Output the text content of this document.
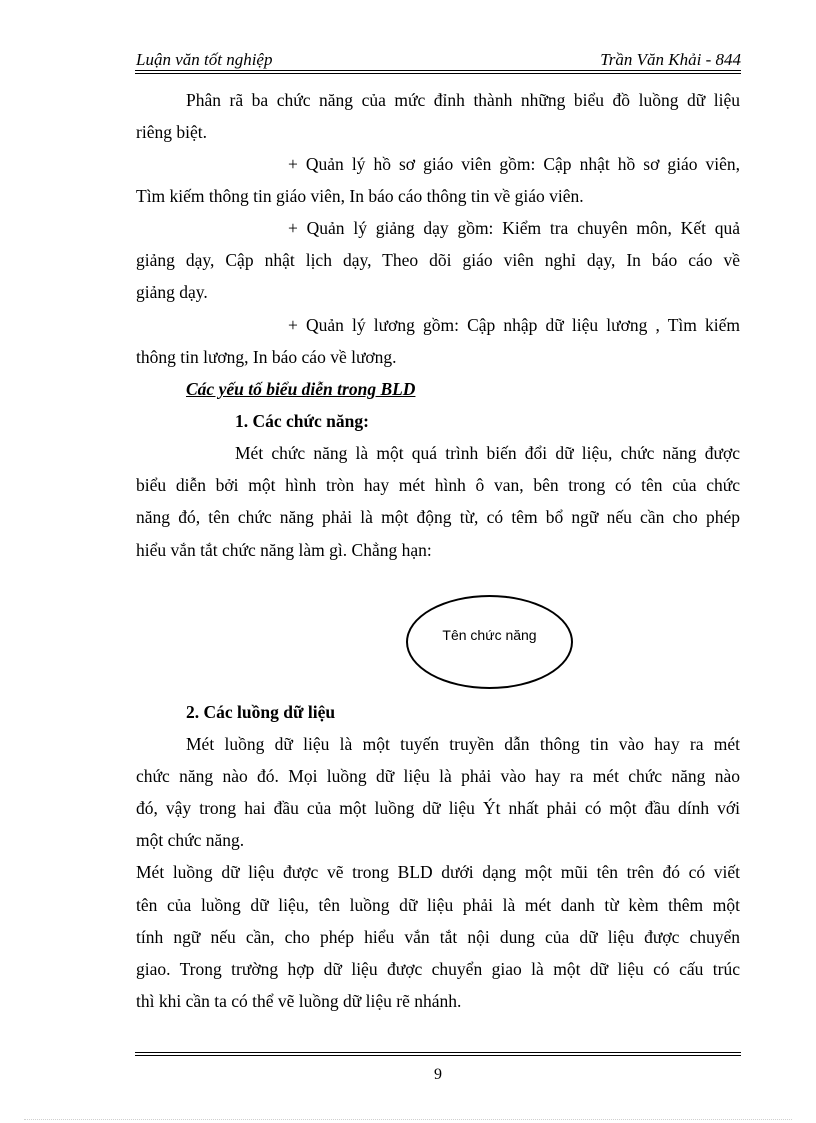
Luận văn tốt nghiệp	Trần Văn Khải - 844
Phân rã ba chức năng của mức đỉnh thành những biểu đồ luồng dữ liệu
riêng biệt.
+ Quản lý hồ sơ giáo viên gồm: Cập nhật hồ sơ giáo viên,
Tìm kiếm thông tin giáo viên, In báo cáo thông tin về giáo viên.
+ Quản lý giảng dạy gồm: Kiểm tra chuyên môn, Kết quả
giảng dạy, Cập nhật lịch dạy, Theo dõi giáo viên nghỉ dạy, In báo cáo về
giảng dạy.
+ Quản lý lương gồm: Cập nhập dữ liệu lương , Tìm kiếm
thông tin lương, In báo cáo về lương.
Các yếu tố biểu diễn trong BLD
1. Các chức năng:
Mét chức năng là một quá trình biến đổi dữ liệu, chức năng được
biểu diễn bởi một hình tròn hay mét hình ô van, bên trong có tên của chức
năng đó, tên chức năng phải là một động từ, có têm bổ ngữ nếu cần cho phép
hiểu vắn tắt chức năng làm gì. Chẳng hạn:
Tên chức năng
2. Các luồng dữ liệu
Mét luồng dữ liệu là một tuyến truyền dẫn thông tin vào hay ra mét
chức năng nào đó. Mọi luồng dữ liệu là phải vào hay ra mét chức năng nào
đó, vậy trong hai đầu của một luồng dữ liệu Ýt nhất phải có một đầu dính với
một chức năng.
Mét luồng dữ liệu được vẽ trong BLD dưới dạng một mũi tên trên đó có viết
tên của luồng dữ liệu, tên luồng dữ liệu phải là mét danh từ kèm thêm một
tính ngữ nếu cần, cho phép hiểu vắn tắt nội dung của dữ liệu được chuyển
giao. Trong trường hợp dữ liệu được chuyển giao là một dữ liệu có cấu trúc
thì khi cần ta có thể vẽ luồng dữ liệu rẽ nhánh.
9
